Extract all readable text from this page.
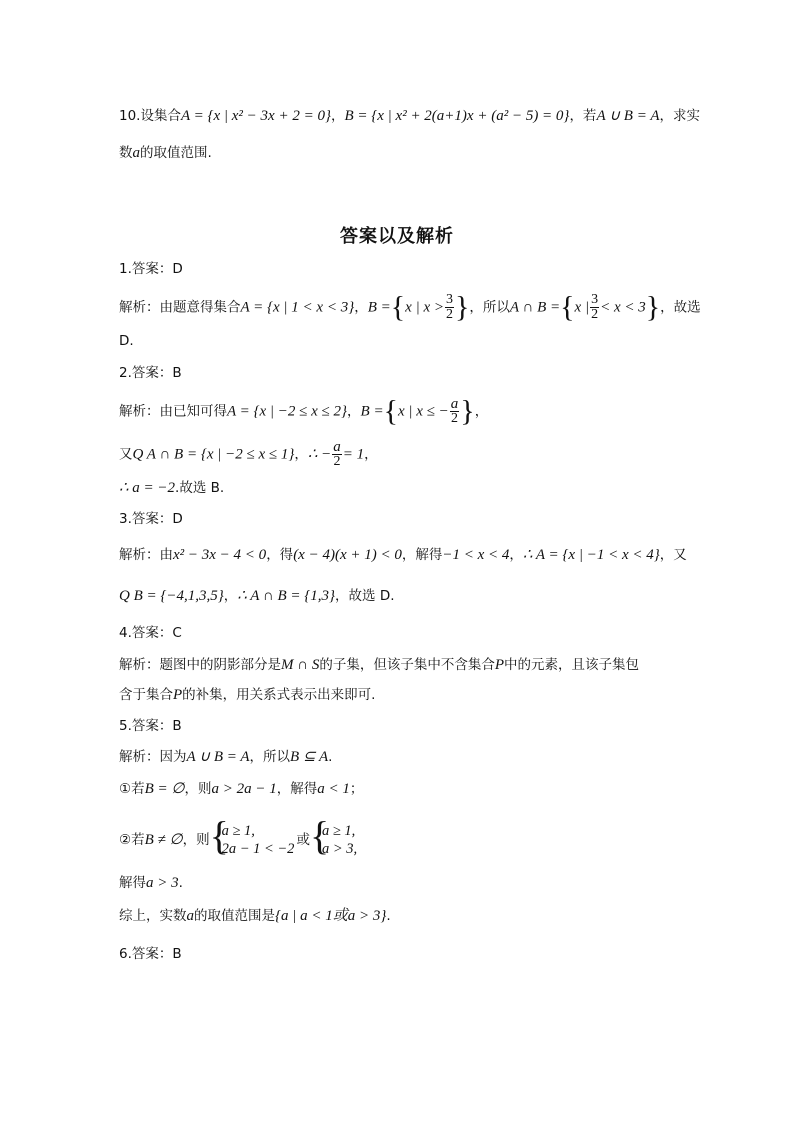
10.设集合A = {x | x² − 3x + 2 = 0}，B = {x | x² + 2(a+1)x + (a² − 5) = 0}，若A ∪ B = A，求实
数a的取值范围.
答案以及解析
1.答案：D
解析：由题意得集合A = {x | 1 < x < 3}，B ={x | $x > \frac{3}{2}$ }，所以A ∩ B ={x | $\frac{3}{2} < x < 3$}，故选
D.
2.答案：B
解析：由已知可得A = {x | −2 ≤ x ≤ 2}，B ={x | x ≤ − $\frac{a}{2}$ }，
又Q A ∩ B = {x | −2 ≤ x ≤ 1}，∴ − $\frac{a}{2} = 1$，
∴ a = −2.故选 B.
3.答案：D
解析：由x² − 3x − 4 < 0，得(x − 4)(x + 1) < 0，解得−1 < x < 4，∴ A = {x | −1 < x < 4}，又
Q B = {−4,1,3,5}，∴ A ∩ B = {1,3}，故选 D.
4.答案：C
解析：题图中的阴影部分是M ∩ S的子集，但该子集中不含集合P中的元素，且该子集包
含于集合P的补集，用关系式表示出来即可.
5.答案：B
解析：因为A ∪ B = A，所以B ⊆ A.
①若B = ∅，则a > 2a − 1，解得a < 1；
②若B ≠ ∅，则 {
a ≥ 1,
2a − 1 < −2
或 {
a ≥ 1,
a > 3,
解得a > 3.
综上，实数a的取值范围是{a | a < 1或a > 3}.
6.答案：B
